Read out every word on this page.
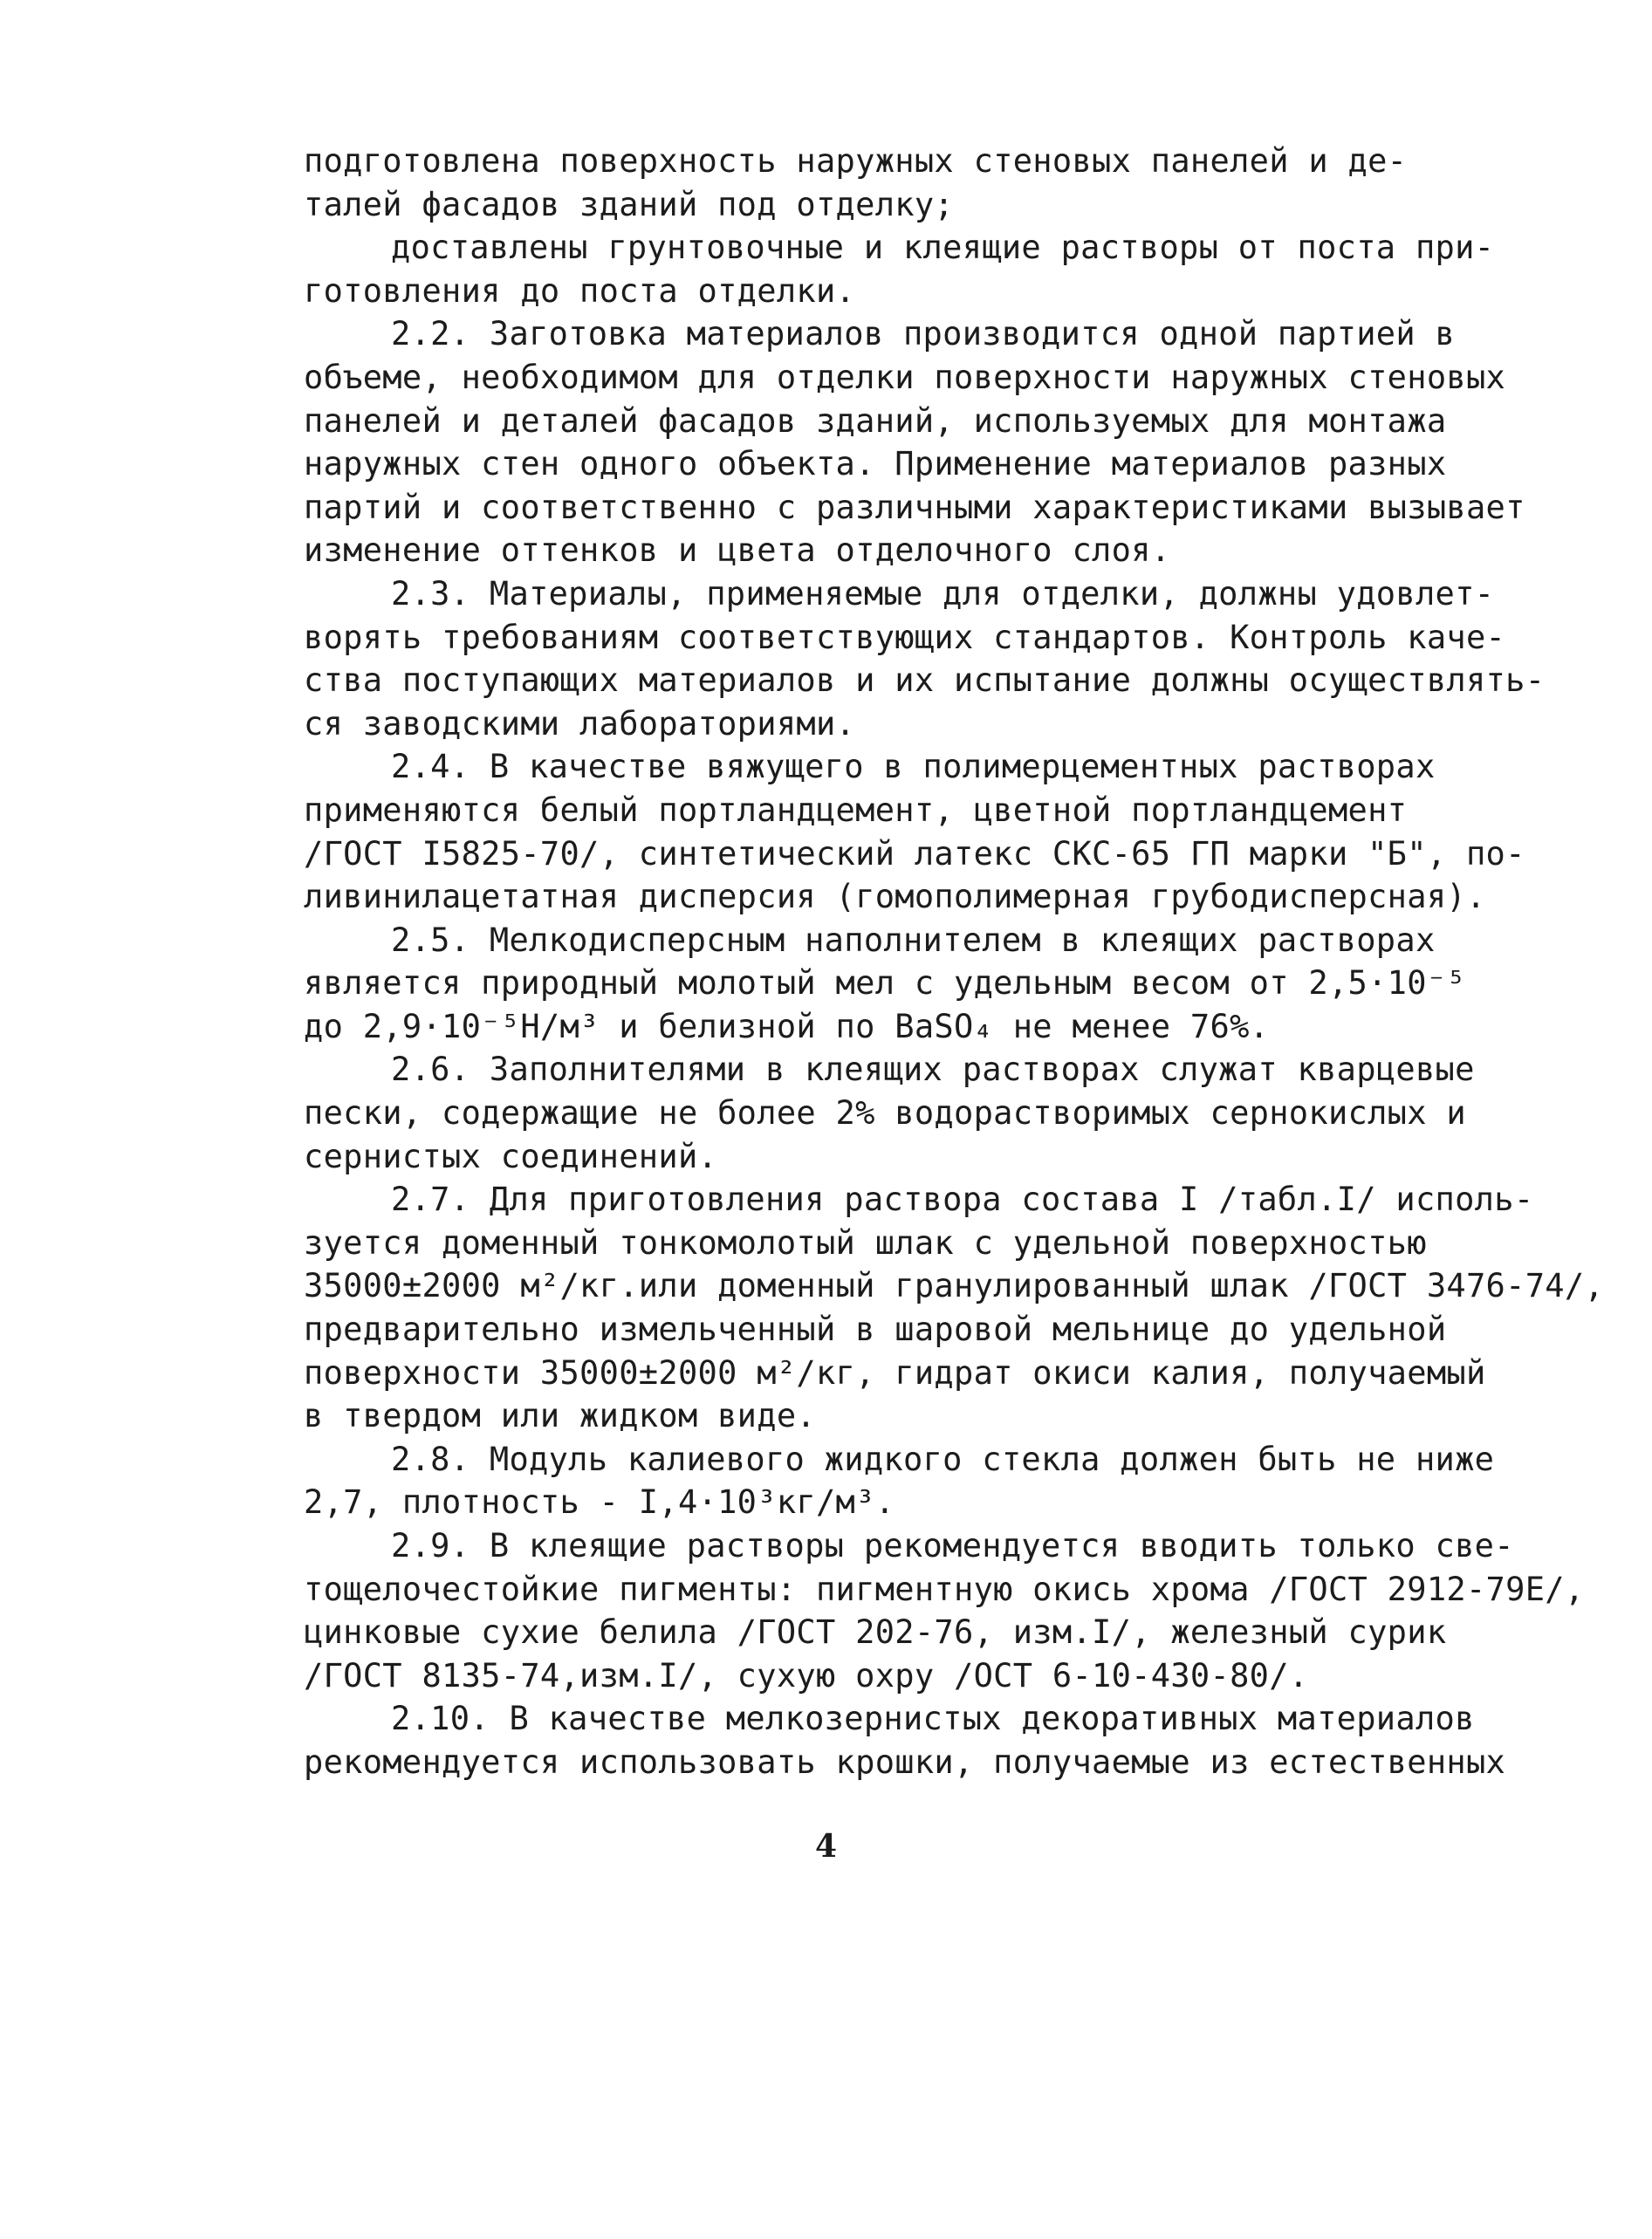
подготовлена поверхность наружных стеновых панелей и де-
талей фасадов зданий под отделку;
доставлены грунтовочные и клеящие растворы от поста при-
готовления до поста отделки.
2.2. Заготовка материалов производится одной партией в
объеме, необходимом для отделки поверхности наружных стеновых
панелей и деталей фасадов зданий, используемых для монтажа
наружных стен одного объекта. Применение материалов разных
партий и соответственно с различными характеристиками вызывает
изменение оттенков и цвета отделочного слоя.
2.3. Материалы, применяемые для отделки, должны удовлет-
ворять требованиям соответствующих стандартов. Контроль каче-
ства поступающих материалов и их испытание должны осуществлять-
ся заводскими лабораториями.
2.4. В качестве вяжущего в полимерцементных растворах
применяются белый портландцемент, цветной портландцемент
/ГОСТ I5825-70/, синтетический латекс СКС-65 ГП марки "Б", по-
ливинилацетатная дисперсия (гомополимерная грубодисперсная).
2.5. Мелкодисперсным наполнителем в клеящих растворах
является природный молотый мел с удельным весом от 2,5·10⁻⁵
до 2,9·10⁻⁵Н/м³ и белизной по BaSO₄ не менее 76%.
2.6. Заполнителями в клеящих растворах служат кварцевые
пески, содержащие не более 2% водорастворимых сернокислых и
сернистых соединений.
2.7. Для приготовления раствора состава I /табл.I/ исполь-
зуется доменный тонкомолотый шлак с удельной поверхностью
35000±2000 м²/кг.или доменный гранулированный шлак /ГОСТ 3476-74/,
предварительно измельченный в шаровой мельнице до удельной
поверхности 35000±2000 м²/кг, гидрат окиси калия, получаемый
в твердом или жидком виде.
2.8. Модуль калиевого жидкого стекла должен быть не ниже
2,7, плотность - I,4·10³кг/м³.
2.9. В клеящие растворы рекомендуется вводить только све-
тощелочестойкие пигменты: пигментную окись хрома /ГОСТ 2912-79Е/,
цинковые сухие белила /ГОСТ 202-76, изм.I/, железный сурик
/ГОСТ 8135-74,изм.I/, сухую охру /ОСТ 6-10-430-80/.
2.10. В качестве мелкозернистых декоративных материалов
рекомендуется использовать крошки, получаемые из естественных
4
